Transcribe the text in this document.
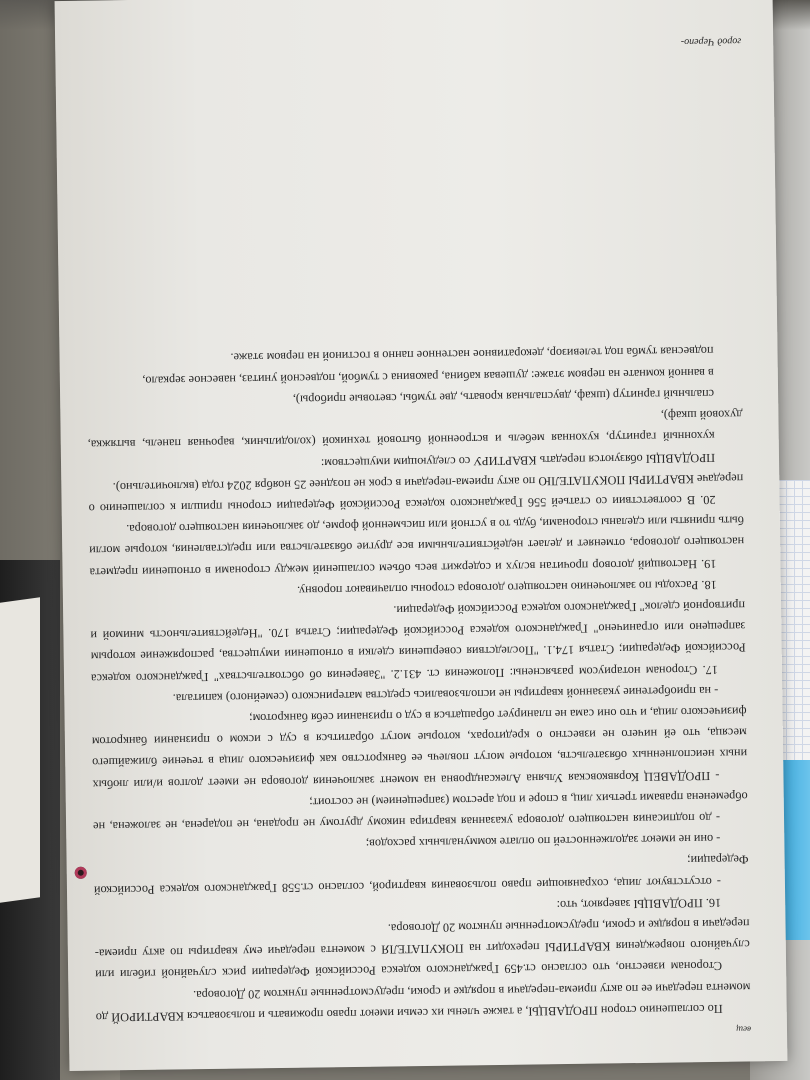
вещ

По соглашению сторон ПРОДАВЦЫ, а также члены их семьи имеют право проживать и пользоваться КВАРТИРОЙ до момента передачи ее по акту приема-передачи в порядке и сроки, предусмотренные пунктом 20 Договора.

Сторонам известно, что согласно ст.459 Гражданского кодекса Российской Федерации риск случайной гибели или случайного повреждения КВАРТИРЫ переходит на ПОКУПАТЕЛЯ с момента передачи ему квартиры по акту приема-передачи в порядке и сроки, предусмотренные пунктом 20 Договора.

16. ПРОДАВЦЫ заверяют, что:

- отсутствуют лица, сохраняющие право пользования квартирой, согласно ст.558 Гражданского кодекса Российской Федерации;

- они не имеют задолженностей по оплате коммунальных расходов;

- до подписания настоящего договора указанная квартира никому другому не продана, не подарена, не заложена, не обременена правами третьих лиц, в споре и под арестом (запрещением) не состоит;

- ПРОДАВЕЦ Корявковская Ульяна Александровна на момент заключения договора не имеет долгов и/или любых иных неисполненных обязательств, которые могут повлечь ее банкротство как физического лица в течение ближайшего месяца, что ей ничего не известно о кредиторах, которые могут обратиться в суд с иском о признании банкротом физического лица, и что они сама не планирует обращаться в суд о признании себя банкротом;

- на приобретение указанной квартиры не использовались средства материнского (семейного) капитала.

17. Сторонам нотариусом разъяснены: Положения ст. 431.2. "Заверения об обстоятельствах" Гражданского кодекса Российской Федерации; Статья 174.1. "Последствия совершения сделки в отношении имущества, распоряжение которым запрещено или ограничено" Гражданского кодекса Российской Федерации; Статья 170. "Недействительность мнимой и притворной сделок" Гражданского кодекса Российской Федерации.

18. Расходы по заключению настоящего договора стороны оплачивают поровну.

19. Настоящий договор прочитан вслух и содержит весь объем соглашений между сторонами в отношении предмета настоящего договора, отменяет и делает недействительными все другие обязательства или представления, которые могли быть приняты или сделаны сторонами, будь то в устной или письменной форме, до заключения настоящего договора.

20. В соответствии со статьей 556 Гражданского кодекса Российской Федерации стороны пришли к соглашению о передаче КВАРТИРЫ ПОКУПАТЕЛЮ по акту приема-передачи в срок не позднее 25 ноября 2024 года (включительно).

ПРОДАВЦЫ обязуются передать КВАРТИРУ со следующим имуществом:

кухонный гарнитур, кухонная мебель и встроенной бытовой техникой (холодильник, варочная панель, вытяжка, духовой шкаф),

спальный гарнитур (шкаф, двуспальная кровать, две тумбы, световые приборы),

в ванной комнате на первом этаже: душевая кабина, раковина с тумбой, подвесной унитаз, навесное зеркало,

подвесная тумба под телевизор, декоративное настенное панно в гостиной на первом этаже.

город Черепо-
